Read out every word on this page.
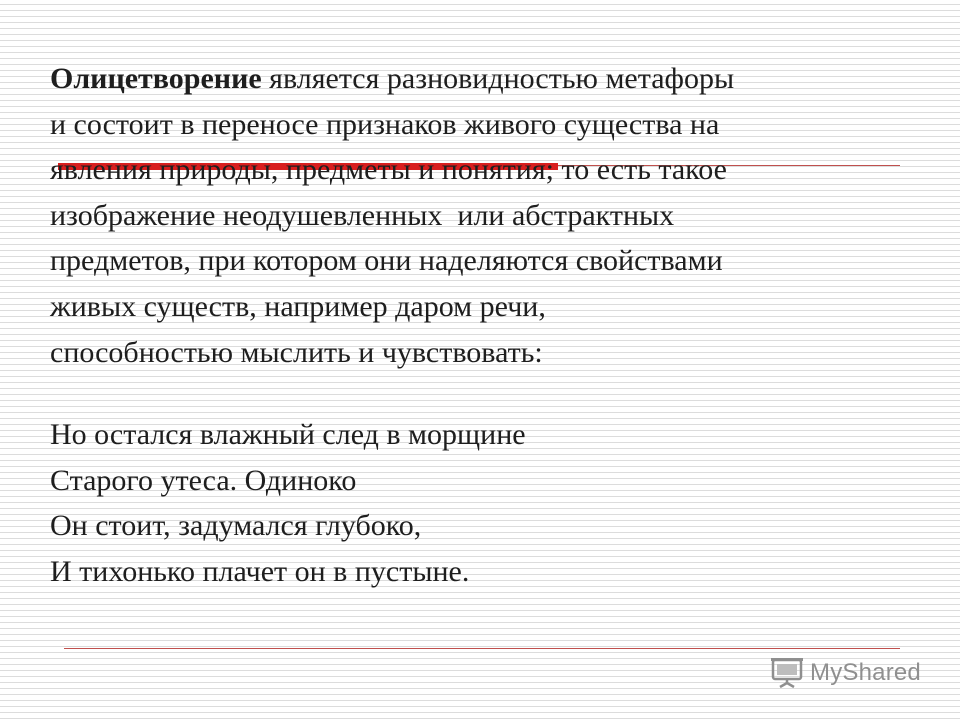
Олицетворение является разновидностью метафоры
и состоит в переносе признаков живого существа на
явления природы, предметы и понятия; то есть такое
изображение неодушевленных  или абстрактных
предметов, при котором они наделяются свойствами
живых существ, например даром речи,
способностью мыслить и чувствовать:
Но остался влажный след в морщине
Старого утеса. Одиноко
Он стоит, задумался глубоко,
И тихонько плачет он в пустыне.
MyShared
